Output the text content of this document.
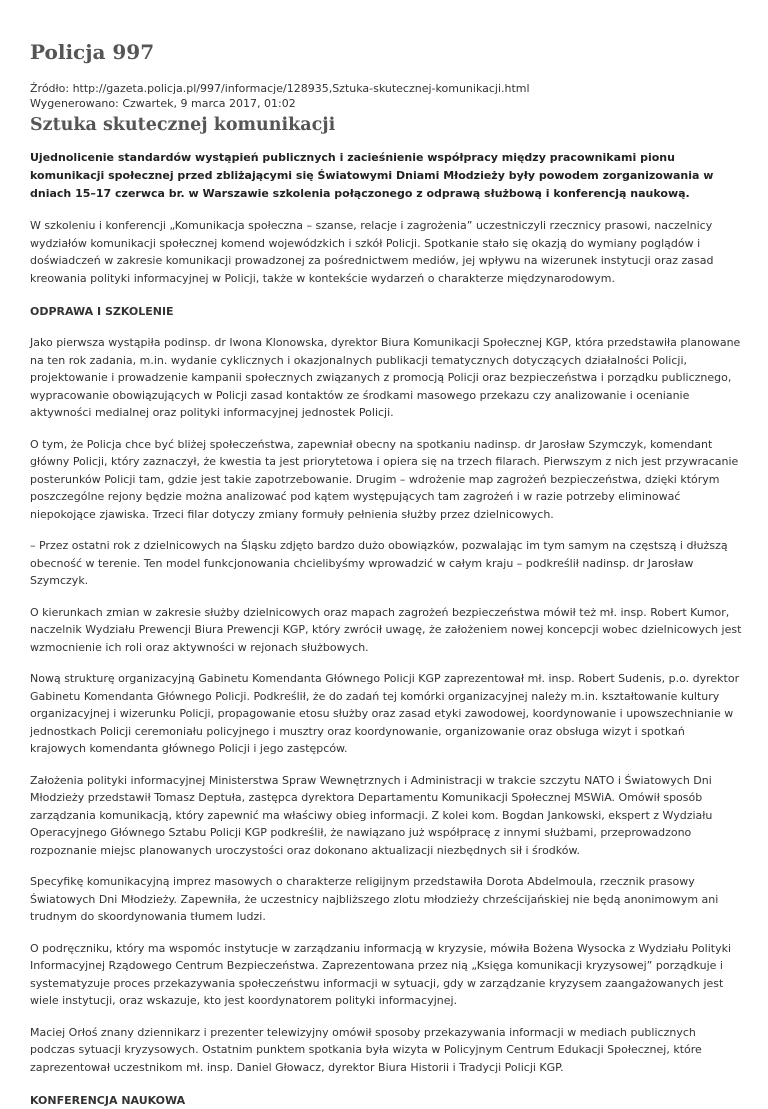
Policja 997
Źródło: http://gazeta.policja.pl/997/informacje/128935,Sztuka-skutecznej-komunikacji.html
Wygenerowano: Czwartek, 9 marca 2017, 01:02
Sztuka skutecznej komunikacji
Ujednolicenie standardów wystąpień publicznych i zacieśnienie współpracy między pracownikami pionu komunikacji społecznej przed zbliżającymi się Światowymi Dniami Młodzieży były powodem zorganizowania w dniach 15–17 czerwca br. w Warszawie szkolenia połączonego z odprawą służbową i konferencją naukową.

W szkoleniu i konferencji „Komunikacja społeczna – szanse, relacje i zagrożenia” uczestniczyli rzecznicy prasowi, naczelnicy wydziałów komunikacji społecznej komend wojewódzkich i szkół Policji. Spotkanie stało się okazją do wymiany poglądów i doświadczeń w zakresie komunikacji prowadzonej za pośrednictwem mediów, jej wpływu na wizerunek instytucji oraz zasad kreowania polityki informacyjnej w Policji, także w kontekście wydarzeń o charakterze międzynarodowym.

ODPRAWA I SZKOLENIE

Jako pierwsza wystąpiła podinsp. dr Iwona Klonowska, dyrektor Biura Komunikacji Społecznej KGP, która przedstawiła planowane na ten rok zadania, m.in. wydanie cyklicznych i okazjonalnych publikacji tematycznych dotyczących działalności Policji, projektowanie i prowadzenie kampanii społecznych związanych z promocją Policji oraz bezpieczeństwa i porządku publicznego, wypracowanie obowiązujących w Policji zasad kontaktów ze środkami masowego przekazu czy analizowanie i ocenianie aktywności medialnej oraz polityki informacyjnej jednostek Policji.

O tym, że Policja chce być bliżej społeczeństwa, zapewniał obecny na spotkaniu nadinsp. dr Jarosław Szymczyk, komendant główny Policji, który zaznaczył, że kwestia ta jest priorytetowa i opiera się na trzech filarach. Pierwszym z nich jest przywracanie posterunków Policji tam, gdzie jest takie zapotrzebowanie. Drugim – wdrożenie map zagrożeń bezpieczeństwa, dzięki którym poszczególne rejony będzie można analizować pod kątem występujących tam zagrożeń i w razie potrzeby eliminować niepokojące zjawiska. Trzeci filar dotyczy zmiany formuły pełnienia służby przez dzielnicowych.

– Przez ostatni rok z dzielnicowych na Śląsku zdjęto bardzo dużo obowiązków, pozwalając im tym samym na częstszą i dłuższą obecność w terenie. Ten model funkcjonowania chcielibyśmy wprowadzić w całym kraju – podkreślił nadinsp. dr Jarosław Szymczyk.

O kierunkach zmian w zakresie służby dzielnicowych oraz mapach zagrożeń bezpieczeństwa mówił też mł. insp. Robert Kumor, naczelnik Wydziału Prewencji Biura Prewencji KGP, który zwrócił uwagę, że założeniem nowej koncepcji wobec dzielnicowych jest wzmocnienie ich roli oraz aktywności w rejonach służbowych.

Nową strukturę organizacyjną Gabinetu Komendanta Głównego Policji KGP zaprezentował mł. insp. Robert Sudenis, p.o. dyrektor Gabinetu Komendanta Głównego Policji. Podkreślił, że do zadań tej komórki organizacyjnej należy m.in. kształtowanie kultury organizacyjnej i wizerunku Policji, propagowanie etosu służby oraz zasad etyki zawodowej, koordynowanie i upowszechnianie w jednostkach Policji ceremoniału policyjnego i musztry oraz koordynowanie, organizowanie oraz obsługa wizyt i spotkań krajowych komendanta głównego Policji i jego zastępców.

Założenia polityki informacyjnej Ministerstwa Spraw Wewnętrznych i Administracji w trakcie szczytu NATO i Światowych Dni Młodzieży przedstawił Tomasz Deptuła, zastępca dyrektora Departamentu Komunikacji Społecznej MSWiA. Omówił sposób zarządzania komunikacją, który zapewnić ma właściwy obieg informacji. Z kolei kom. Bogdan Jankowski, ekspert z Wydziału Operacyjnego Głównego Sztabu Policji KGP podkreślił, że nawiązano już współpracę z innymi służbami, przeprowadzono rozpoznanie miejsc planowanych uroczystości oraz dokonano aktualizacji niezbędnych sił i środków.

Specyfikę komunikacyjną imprez masowych o charakterze religijnym przedstawiła Dorota Abdelmoula, rzecznik prasowy Światowych Dni Młodzieży. Zapewniła, że uczestnicy najbliższego zlotu młodzieży chrześcijańskiej nie będą anonimowym ani trudnym do skoordynowania tłumem ludzi.

O podręczniku, który ma wspomóc instytucje w zarządzaniu informacją w kryzysie, mówiła Bożena Wysocka z Wydziału Polityki Informacyjnej Rządowego Centrum Bezpieczeństwa. Zaprezentowana przez nią „Księga komunikacji kryzysowej” porządkuje i systematyzuje proces przekazywania społeczeństwu informacji w sytuacji, gdy w zarządzanie kryzysem zaangażowanych jest wiele instytucji, oraz wskazuje, kto jest koordynatorem polityki informacyjnej.

Maciej Orłoś znany dziennikarz i prezenter telewizyjny omówił sposoby przekazywania informacji w mediach publicznych podczas sytuacji kryzysowych. Ostatnim punktem spotkania była wizyta w Policyjnym Centrum Edukacji Społecznej, które zaprezentował uczestnikom mł. insp. Daniel Głowacz, dyrektor Biura Historii i Tradycji Policji KGP.

KONFERENCJA NAUKOWA
